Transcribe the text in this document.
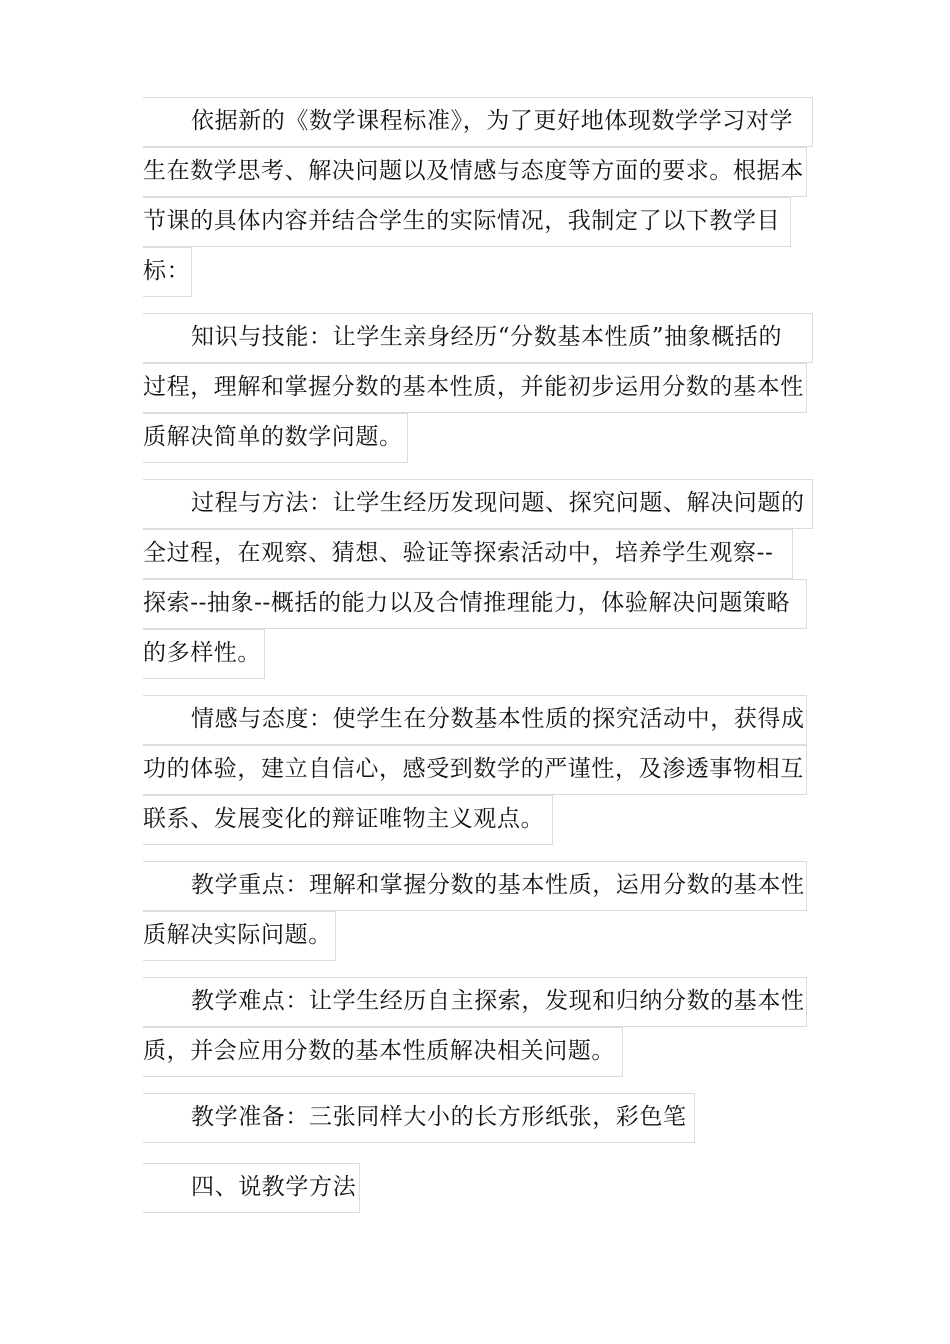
依据新的《数学课程标准》，为了更好地体现数学学习对学
生在数学思考、解决问题以及情感与态度等方面的要求。根据本
节课的具体内容并结合学生的实际情况，我制定了以下教学目
标：
知识与技能：让学生亲身经历“分数基本性质”抽象概括的
过程，理解和掌握分数的基本性质，并能初步运用分数的基本性
质解决简单的数学问题。
过程与方法：让学生经历发现问题、探究问题、解决问题的
全过程，在观察、猜想、验证等探索活动中，培养学生观察--
探索--抽象--概括的能力以及合情推理能力，体验解决问题策略
的多样性。
情感与态度：使学生在分数基本性质的探究活动中，获得成
功的体验，建立自信心，感受到数学的严谨性，及渗透事物相互
联系、发展变化的辩证唯物主义观点。
教学重点：理解和掌握分数的基本性质，运用分数的基本性
质解决实际问题。
教学难点：让学生经历自主探索，发现和归纳分数的基本性
质，并会应用分数的基本性质解决相关问题。
教学准备：三张同样大小的长方形纸张，彩色笔
四、说教学方法
